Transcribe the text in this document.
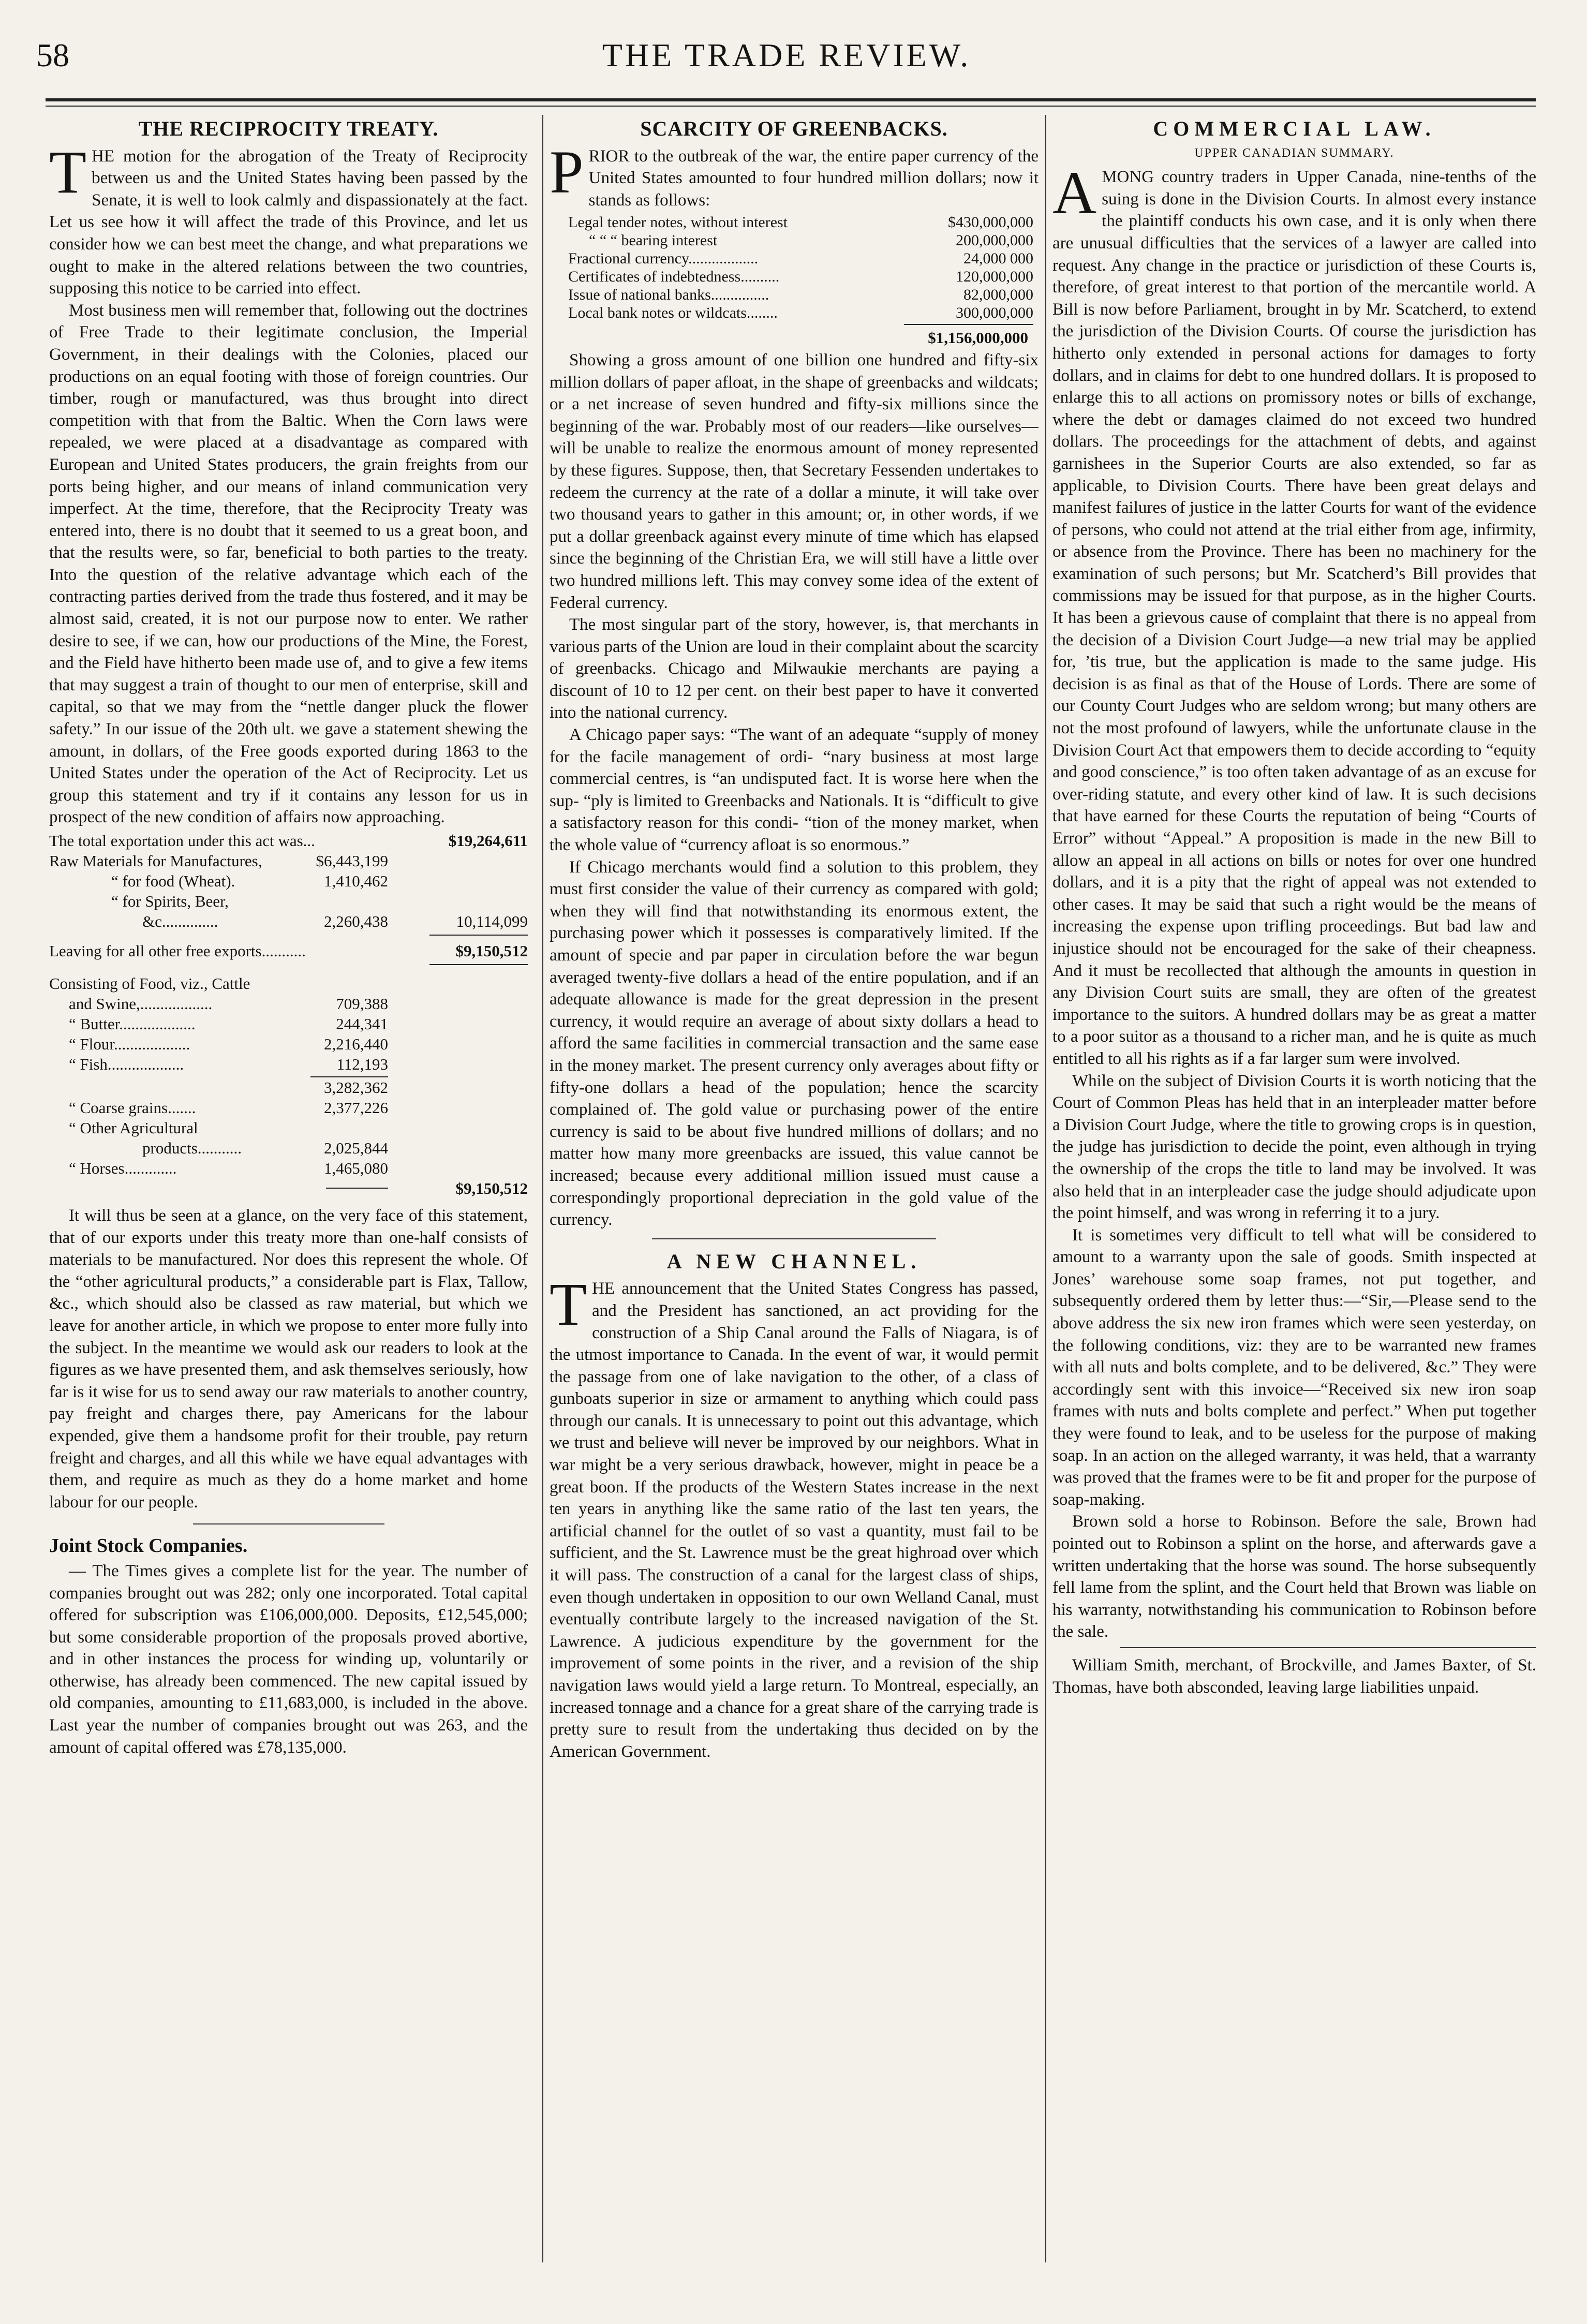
58	THE TRADE REVIEW.
THE RECIPROCITY TREATY.

THE motion for the abrogation of the Treaty of Reciprocity between us and the United States having been passed by the Senate, it is well to look calmly and dispassionately at the fact. Let us see how it will affect the trade of this Province, and let us consider how we can best meet the change, and what preparations we ought to make in the altered relations between the two countries, supposing this notice to be carried into effect.

Most business men will remember that, following out the doctrines of Free Trade to their legitimate conclusion, the Imperial Government, in their dealings with the Colonies, placed our productions on an equal footing with those of foreign countries. Our timber, rough or manufactured, was thus brought into direct competition with that from the Baltic. When the Corn laws were repealed, we were placed at a disadvantage as compared with European and United States producers, the grain freights from our ports being higher, and our means of inland communication very imperfect. At the time, therefore, that the Reciprocity Treaty was entered into, there is no doubt that it seemed to us a great boon, and that the results were, so far, beneficial to both parties to the treaty. Into the question of the relative advantage which each of the contracting parties derived from the trade thus fostered, and it may be almost said, created, it is not our purpose now to enter. We rather desire to see, if we can, how our productions of the Mine, the Forest, and the Field have hitherto been made use of, and to give a few items that may suggest a train of thought to our men of enterprise, skill and capital, so that we may from the “nettle danger pluck the flower safety.” In our issue of the 20th ult. we gave a statement shewing the amount, in dollars, of the Free goods exported during 1863 to the United States under the operation of the Act of Reciprocity. Let us group this statement and try if it contains any lesson for us in prospect of the new condition of affairs now approaching.

The total exportation under this act was...	$19,264,611
Raw Materials for Manufactures,	$6,443,199
“ for food (Wheat).	1,410,462
“ for Spirits, Beer,
&c..............	2,260,438	10,114,099
Leaving for all other free exports...........	$9,150,512
Consisting of Food, viz., Cattle
and Swine,..................	709,388
“ Butter...................	244,341
“ Flour...................	2,216,440
“ Fish...................	112,193
3,282,362
“ Coarse grains.......	2,377,226
“ Other Agricultural
products...........	2,025,844
“ Horses.............	1,465,080
$9,150,512

It will thus be seen at a glance, on the very face of this statement, that of our exports under this treaty more than one-half consists of materials to be manufactured. Nor does this represent the whole. Of the “other agricultural products,” a considerable part is Flax, Tallow, &c., which should also be classed as raw material, but which we leave for another article, in which we propose to enter more fully into the subject. In the meantime we would ask our readers to look at the figures as we have presented them, and ask themselves seriously, how far is it wise for us to send away our raw materials to another country, pay freight and charges there, pay Americans for the labour expended, give them a handsome profit for their trouble, pay return freight and charges, and all this while we have equal advantages with them, and require as much as they do a home market and home labour for our people.

Joint Stock Companies.

— The Times gives a complete list for the year. The number of companies brought out was 282; only one incorporated. Total capital offered for subscription was £106,000,000. Deposits, £12,545,000; but some considerable proportion of the proposals proved abortive, and in other instances the process for winding up, voluntarily or otherwise, has already been commenced. The new capital issued by old companies, amounting to £11,683,000, is included in the above. Last year the number of companies brought out was 263, and the amount of capital offered was £78,135,000.

SCARCITY OF GREENBACKS.

PRIOR to the outbreak of the war, the entire paper currency of the United States amounted to four hundred million dollars; now it stands as follows:

Legal tender notes, without interest	$430,000,000
“ “ “ bearing interest	200,000,000
Fractional currency..................	24,000 000
Certificates of indebtedness..........	120,000,000
Issue of national banks...............	82,000,000
Local bank notes or wildcats........	300,000,000
$1,156,000,000

Showing a gross amount of one billion one hundred and fifty-six million dollars of paper afloat, in the shape of greenbacks and wildcats; or a net increase of seven hundred and fifty-six millions since the beginning of the war. Probably most of our readers—like ourselves—will be unable to realize the enormous amount of money represented by these figures. Suppose, then, that Secretary Fessenden undertakes to redeem the currency at the rate of a dollar a minute, it will take over two thousand years to gather in this amount; or, in other words, if we put a dollar greenback against every minute of time which has elapsed since the beginning of the Christian Era, we will still have a little over two hundred millions left. This may convey some idea of the extent of Federal currency.

The most singular part of the story, however, is, that merchants in various parts of the Union are loud in their complaint about the scarcity of greenbacks. Chicago and Milwaukie merchants are paying a discount of 10 to 12 per cent. on their best paper to have it converted into the national currency.

A Chicago paper says: “The want of an adequate “supply of money for the facile management of ordi- “nary business at most large commercial centres, is “an undisputed fact. It is worse here when the sup- “ply is limited to Greenbacks and Nationals. It is “difficult to give a satisfactory reason for this condi- “tion of the money market, when the whole value of “currency afloat is so enormous.”

If Chicago merchants would find a solution to this problem, they must first consider the value of their currency as compared with gold; when they will find that notwithstanding its enormous extent, the purchasing power which it possesses is comparatively limited. If the amount of specie and par paper in circulation before the war begun averaged twenty-five dollars a head of the entire population, and if an adequate allowance is made for the great depression in the present currency, it would require an average of about sixty dollars a head to afford the same facilities in commercial transaction and the same ease in the money market. The present currency only averages about fifty or fifty-one dollars a head of the population; hence the scarcity complained of. The gold value or purchasing power of the entire currency is said to be about five hundred millions of dollars; and no matter how many more greenbacks are issued, this value cannot be increased; because every additional million issued must cause a correspondingly proportional depreciation in the gold value of the currency.

A NEW CHANNEL.

THE announcement that the United States Congress has passed, and the President has sanctioned, an act providing for the construction of a Ship Canal around the Falls of Niagara, is of the utmost importance to Canada. In the event of war, it would permit the passage from one of lake navigation to the other, of a class of gunboats superior in size or armament to anything which could pass through our canals. It is unnecessary to point out this advantage, which we trust and believe will never be improved by our neighbors. What in war might be a very serious drawback, however, might in peace be a great boon. If the products of the Western States increase in the next ten years in anything like the same ratio of the last ten years, the artificial channel for the outlet of so vast a quantity, must fail to be sufficient, and the St. Lawrence must be the great highroad over which it will pass. The construction of a canal for the largest class of ships, even though undertaken in opposition to our own Welland Canal, must eventually contribute largely to the increased navigation of the St. Lawrence. A judicious expenditure by the government for the improvement of some points in the river, and a revision of the ship navigation laws would yield a large return. To Montreal, especially, an increased tonnage and a chance for a great share of the carrying trade is pretty sure to result from the undertaking thus decided on by the American Government.

COMMERCIAL LAW.
UPPER CANADIAN SUMMARY.

AMONG country traders in Upper Canada, nine-tenths of the suing is done in the Division Courts. In almost every instance the plaintiff conducts his own case, and it is only when there are unusual difficulties that the services of a lawyer are called into request. Any change in the practice or jurisdiction of these Courts is, therefore, of great interest to that portion of the mercantile world. A Bill is now before Parliament, brought in by Mr. Scatcherd, to extend the jurisdiction of the Division Courts. Of course the jurisdiction has hitherto only extended in personal actions for damages to forty dollars, and in claims for debt to one hundred dollars. It is proposed to enlarge this to all actions on promissory notes or bills of exchange, where the debt or damages claimed do not exceed two hundred dollars. The proceedings for the attachment of debts, and against garnishees in the Superior Courts are also extended, so far as applicable, to Division Courts. There have been great delays and manifest failures of justice in the latter Courts for want of the evidence of persons, who could not attend at the trial either from age, infirmity, or absence from the Province. There has been no machinery for the examination of such persons; but Mr. Scatcherd’s Bill provides that commissions may be issued for that purpose, as in the higher Courts. It has been a grievous cause of complaint that there is no appeal from the decision of a Division Court Judge—a new trial may be applied for, ’tis true, but the application is made to the same judge. His decision is as final as that of the House of Lords. There are some of our County Court Judges who are seldom wrong; but many others are not the most profound of lawyers, while the unfortunate clause in the Division Court Act that empowers them to decide according to “equity and good conscience,” is too often taken advantage of as an excuse for over-riding statute, and every other kind of law. It is such decisions that have earned for these Courts the reputation of being “Courts of Error” without “Appeal.” A proposition is made in the new Bill to allow an appeal in all actions on bills or notes for over one hundred dollars, and it is a pity that the right of appeal was not extended to other cases. It may be said that such a right would be the means of increasing the expense upon trifling proceedings. But bad law and injustice should not be encouraged for the sake of their cheapness. And it must be recollected that although the amounts in question in any Division Court suits are small, they are often of the greatest importance to the suitors. A hundred dollars may be as great a matter to a poor suitor as a thousand to a richer man, and he is quite as much entitled to all his rights as if a far larger sum were involved.

While on the subject of Division Courts it is worth noticing that the Court of Common Pleas has held that in an interpleader matter before a Division Court Judge, where the title to growing crops is in question, the judge has jurisdiction to decide the point, even although in trying the ownership of the crops the title to land may be involved. It was also held that in an interpleader case the judge should adjudicate upon the point himself, and was wrong in referring it to a jury.

It is sometimes very difficult to tell what will be considered to amount to a warranty upon the sale of goods. Smith inspected at Jones’ warehouse some soap frames, not put together, and subsequently ordered them by letter thus:—“Sir,—Please send to the above address the six new iron frames which were seen yesterday, on the following conditions, viz: they are to be warranted new frames with all nuts and bolts complete, and to be delivered, &c.” They were accordingly sent with this invoice—“Received six new iron soap frames with nuts and bolts complete and perfect.” When put together they were found to leak, and to be useless for the purpose of making soap. In an action on the alleged warranty, it was held, that a warranty was proved that the frames were to be fit and proper for the purpose of soap-making.

Brown sold a horse to Robinson. Before the sale, Brown had pointed out to Robinson a splint on the horse, and afterwards gave a written undertaking that the horse was sound. The horse subsequently fell lame from the splint, and the Court held that Brown was liable on his warranty, notwithstanding his communication to Robinson before the sale.

William Smith, merchant, of Brockville, and James Baxter, of St. Thomas, have both absconded, leaving large liabilities unpaid.
